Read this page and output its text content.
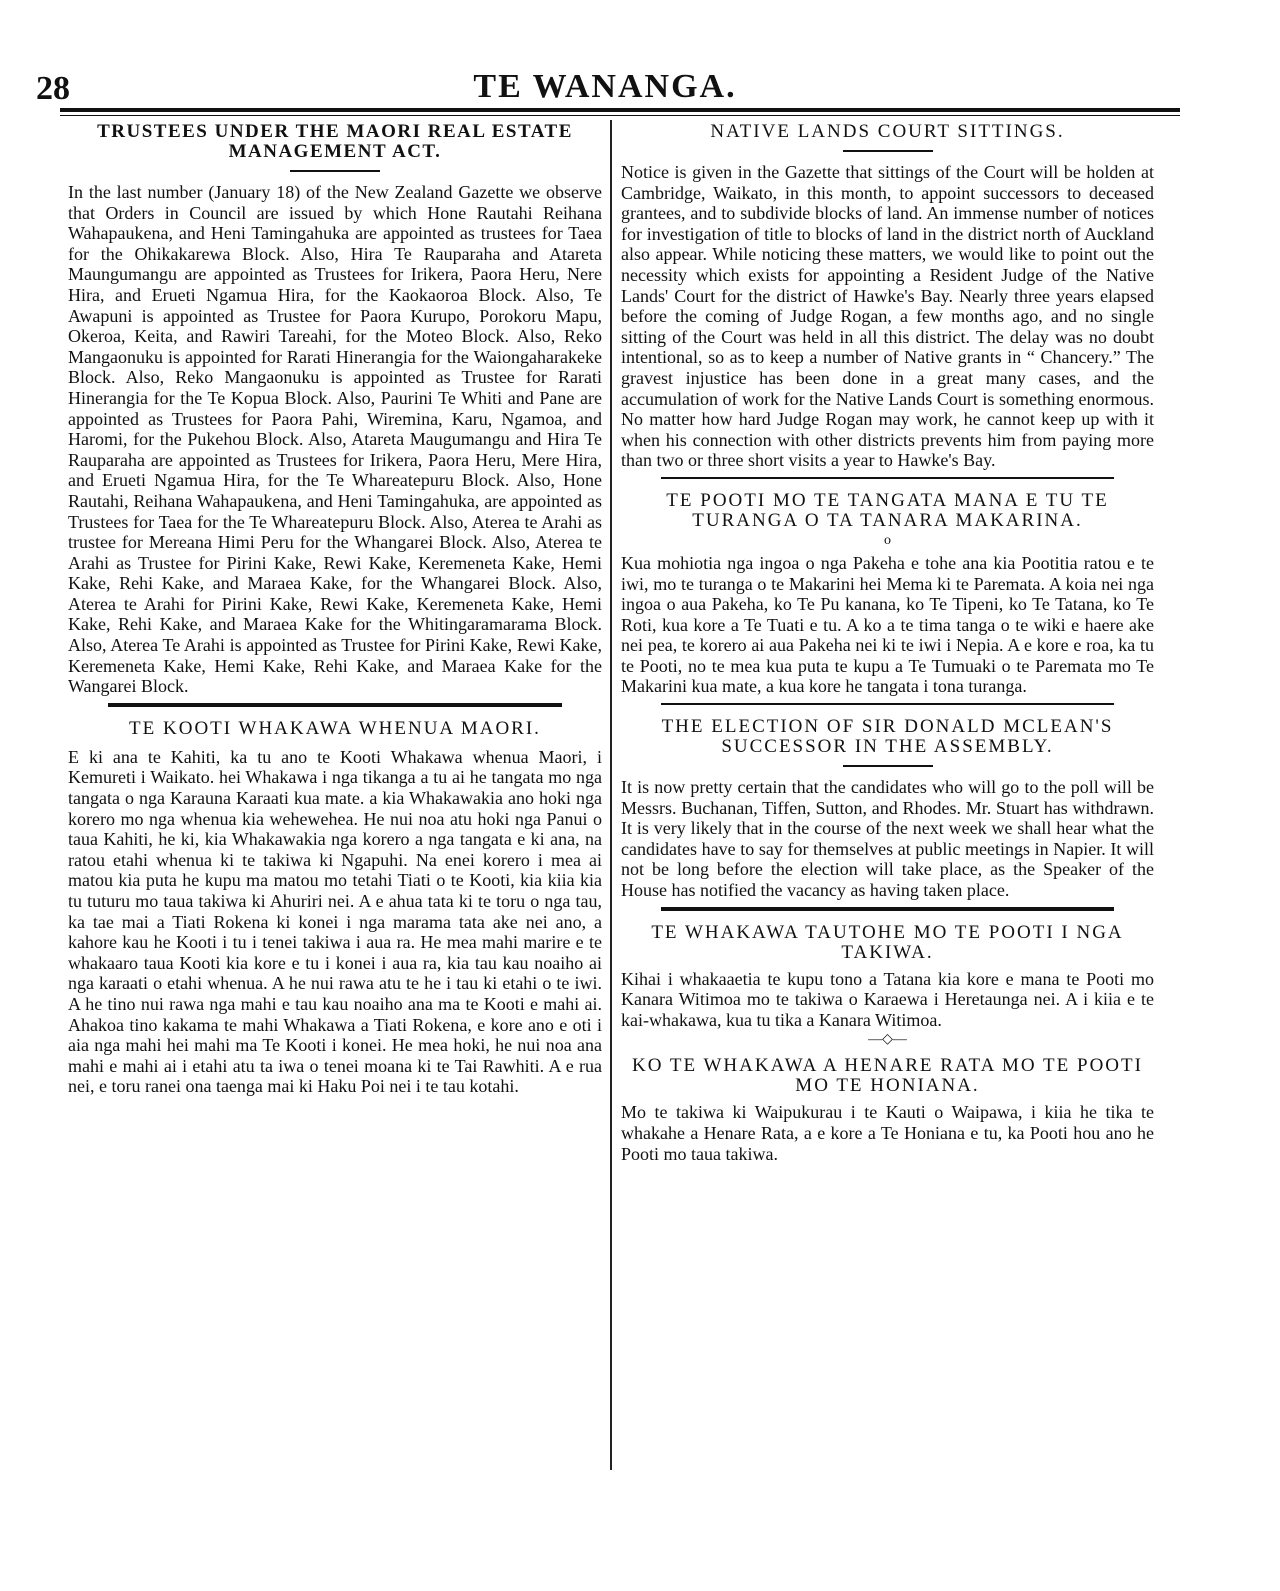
28	TE WANANGA.
TRUSTEES UNDER THE MAORI REAL ESTATE MANAGEMENT ACT.

In the last number (January 18) of the New Zealand Gazette we observe that Orders in Council are issued by which Hone Rautahi Reihana Wahapaukena, and Heni Tamingahuka are appointed as trustees for Taea for the Ohikakarewa Block. Also, Hira Te Rauparaha and Atareta Maungumangu are appointed as Trustees for Irikera, Paora Heru, Nere Hira, and Erueti Ngamua Hira, for the Kaokaoroa Block. Also, Te Awapuni is appointed as Trustee for Paora Kurupo, Porokoru Mapu, Okeroa, Keita, and Rawiri Tareahi, for the Moteo Block. Also, Reko Mangaonuku is appointed for Rarati Hinerangia for the Waiongaharakeke Block. Also, Reko Mangaonuku is appointed as Trustee for Rarati Hinerangia for the Te Kopua Block. Also, Paurini Te Whiti and Pane are appointed as Trustees for Paora Pahi, Wiremina, Karu, Ngamoa, and Haromi, for the Pukehou Block. Also, Atareta Maugumangu and Hira Te Rauparaha are appointed as Trustees for Irikera, Paora Heru, Mere Hira, and Erueti Ngamua Hira, for the Te Whareatepuru Block. Also, Hone Rautahi, Reihana Wahapaukena, and Heni Tamingahuka, are appointed as Trustees for Taea for the Te Whareatepuru Block. Also, Aterea te Arahi as trustee for Mereana Himi Peru for the Whangarei Block. Also, Aterea te Arahi as Trustee for Pirini Kake, Rewi Kake, Keremeneta Kake, Hemi Kake, Rehi Kake, and Maraea Kake, for the Whangarei Block. Also, Aterea te Arahi for Pirini Kake, Rewi Kake, Keremeneta Kake, Hemi Kake, Rehi Kake, and Maraea Kake for the Whitingaramarama Block. Also, Aterea Te Arahi is appointed as Trustee for Pirini Kake, Rewi Kake, Keremeneta Kake, Hemi Kake, Rehi Kake, and Maraea Kake for the Wangarei Block.

TE KOOTI WHAKAWA WHENUA MAORI.

E ki ana te Kahiti, ka tu ano te Kooti Whakawa whenua Maori, i Kemureti i Waikato. hei Whakawa i nga tikanga a tu ai he tangata mo nga tangata o nga Karauna Karaati kua mate. a kia Whakawakia ano hoki nga korero mo nga whenua kia wehewehea. He nui noa atu hoki nga Panui o taua Kahiti, he ki, kia Whakawakia nga korero a nga tangata e ki ana, na ratou etahi whenua ki te takiwa ki Ngapuhi. Na enei korero i mea ai matou kia puta he kupu ma matou mo tetahi Tiati o te Kooti, kia kiia kia tu tuturu mo taua takiwa ki Ahuriri nei. A e ahua tata ki te toru o nga tau, ka tae mai a Tiati Rokena ki konei i nga marama tata ake nei ano, a kahore kau he Kooti i tu i tenei takiwa i aua ra. He mea mahi marire e te whakaaro taua Kooti kia kore e tu i konei i aua ra, kia tau kau noaiho ai nga karaati o etahi whenua. A he nui rawa atu te he i tau ki etahi o te iwi. A he tino nui rawa nga mahi e tau kau noaiho ana ma te Kooti e mahi ai. Ahakoa tino kakama te mahi Whakawa a Tiati Rokena, e kore ano e oti i aia nga mahi hei mahi ma Te Kooti i konei. He mea hoki, he nui noa ana mahi e mahi ai i etahi atu ta iwa o tenei moana ki te Tai Rawhiti. A e rua nei, e toru ranei ona taenga mai ki Haku Poi nei i te tau kotahi.

NATIVE LANDS COURT SITTINGS.

Notice is given in the Gazette that sittings of the Court will be holden at Cambridge, Waikato, in this month, to appoint successors to deceased grantees, and to subdivide blocks of land. An immense number of notices for investigation of title to blocks of land in the district north of Auckland also appear. While noticing these matters, we would like to point out the necessity which exists for appointing a Resident Judge of the Native Lands' Court for the district of Hawke's Bay. Nearly three years elapsed before the coming of Judge Rogan, a few months ago, and no single sitting of the Court was held in all this district. The delay was no doubt intentional, so as to keep a number of Native grants in “ Chancery.” The gravest injustice has been done in a great many cases, and the accumulation of work for the Native Lands Court is something enormous. No matter how hard Judge Rogan may work, he cannot keep up with it when his connection with other districts prevents him from paying more than two or three short visits a year to Hawke's Bay.

TE POOTI MO TE TANGATA MANA E TU TE TURANGA O TA TANARA MAKARINA.
o

Kua mohiotia nga ingoa o nga Pakeha e tohe ana kia Pootitia ratou e te iwi, mo te turanga o te Makarini hei Mema ki te Paremata. A koia nei nga ingoa o aua Pakeha, ko Te Pu kanana, ko Te Tipeni, ko Te Tatana, ko Te Roti, kua kore a Te Tuati e tu. A ko a te tima tanga o te wiki e haere ake nei pea, te korero ai aua Pakeha nei ki te iwi i Nepia. A e kore e roa, ka tu te Pooti, no te mea kua puta te kupu a Te Tumuaki o te Paremata mo Te Makarini kua mate, a kua kore he tangata i tona turanga.

THE ELECTION OF SIR DONALD MCLEAN'S SUCCESSOR IN THE ASSEMBLY.

It is now pretty certain that the candidates who will go to the poll will be Messrs. Buchanan, Tiffen, Sutton, and Rhodes. Mr. Stuart has withdrawn. It is very likely that in the course of the next week we shall hear what the candidates have to say for themselves at public meetings in Napier. It will not be long before the election will take place, as the Speaker of the House has notified the vacancy as having taken place.

TE WHAKAWA TAUTOHE MO TE POOTI I NGA TAKIWA.

Kihai i whakaaetia te kupu tono a Tatana kia kore e mana te Pooti mo Kanara Witimoa mo te takiwa o Karaewa i Heretaunga nei. A i kiia e te kai-whakawa, kua tu tika a Kanara Witimoa.

—◇—
KO TE WHAKAWA A HENARE RATA MO TE POOTI MO TE HONIANA.

Mo te takiwa ki Waipukurau i te Kauti o Waipawa, i kiia he tika te whakahe a Henare Rata, a e kore a Te Honiana e tu, ka Pooti hou ano he Pooti mo taua takiwa.
